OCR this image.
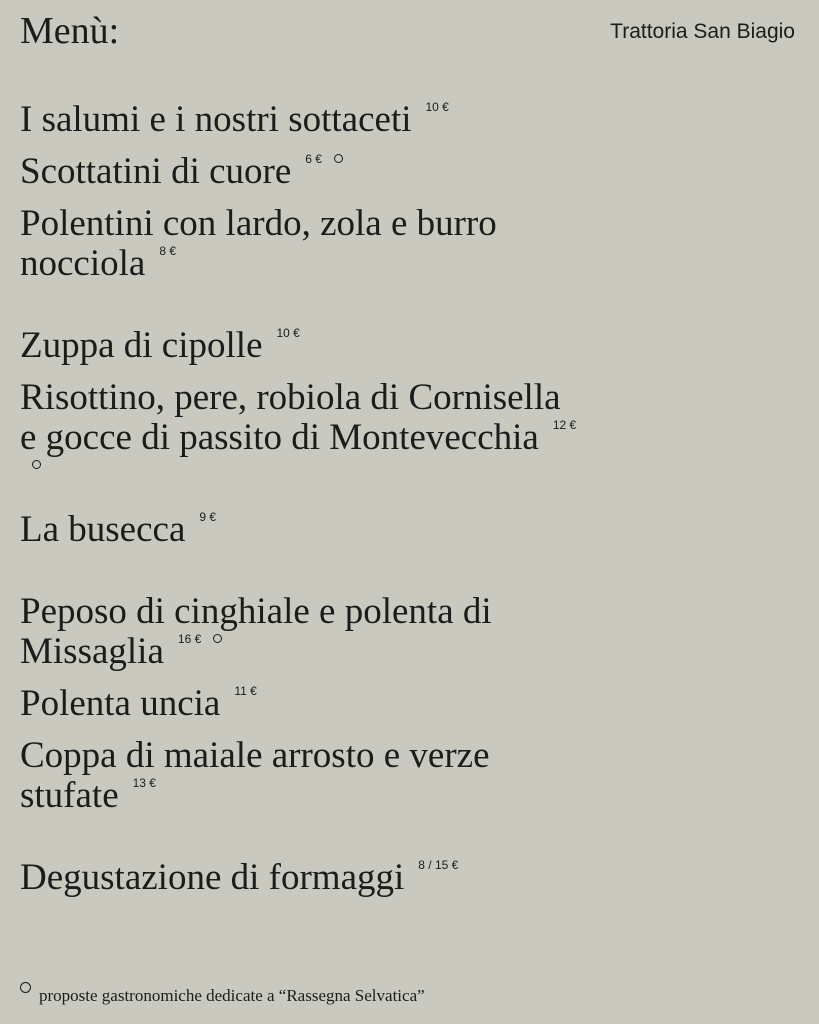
Menù:	Trattoria San Biagio
I salumi e i nostri sottaceti $^{10 €}$
Scottatini di cuore $^{6 €}$
Polentini con lardo, zola e burro nocciola $^{8 €}$
Zuppa di cipolle $^{10 €}$
Risottino, pere, robiola di Cornisella e gocce di passito di Montevecchia $^{12 €}$
La busecca $^{9 €}$
Peposo di cinghiale e polenta di Missaglia $^{16 €}$
Polenta uncia $^{11 €}$
Coppa di maiale arrosto e verze stufate $^{13 €}$
Degustazione di formaggi $^{8 / 15 €}$
proposte gastronomiche dedicate a “Rassegna Selvatica”
